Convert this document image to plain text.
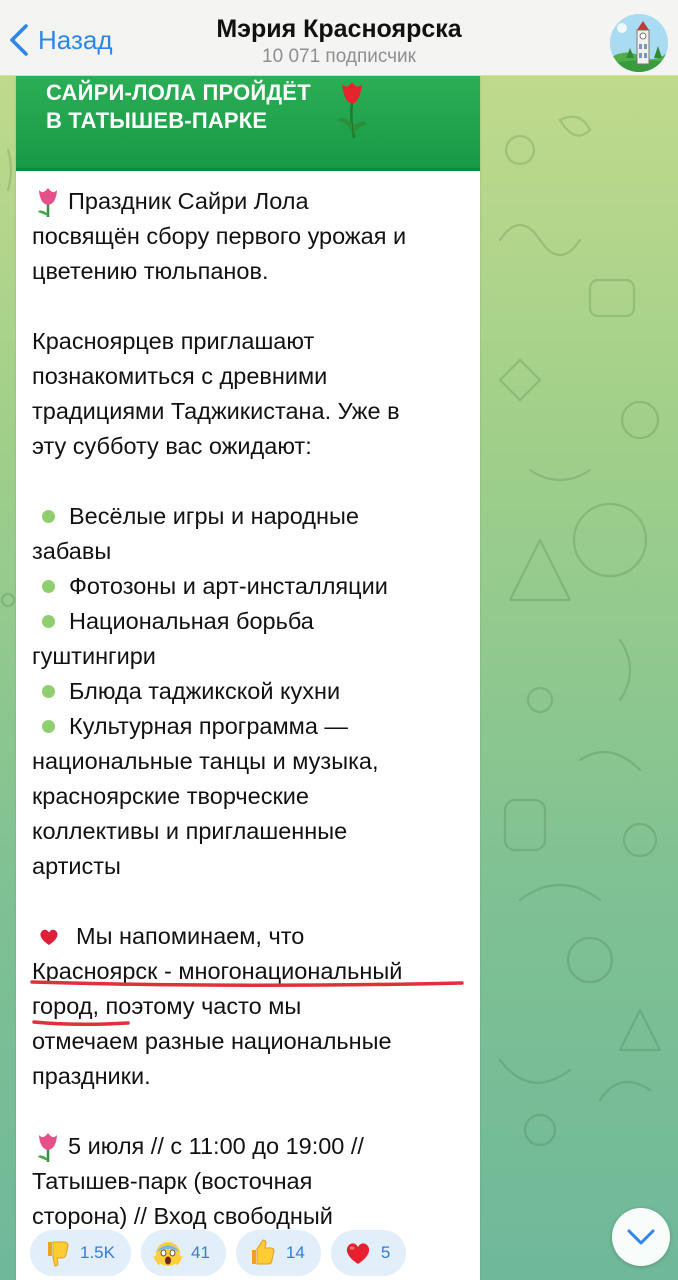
Назад	Мэрия Красноярска
10 071 подписчик
САЙРИ-ЛОЛА ПРОЙДЁТ
В ТАТЫШЕВ-ПАРКЕ
Праздник Сайри Лола
посвящён сбору первого урожая и
цветению тюльпанов.
Красноярцев приглашают
познакомиться с древними
традициями Таджикистана. Уже в
эту субботу вас ожидают:
Весёлые игры и народные
забавы
Фотозоны и арт-инсталляции
Национальная борьба
гуштингири
Блюда таджикской кухни
Культурная программа —
национальные танцы и музыка,
красноярские творческие
коллективы и приглашенные
артисты
Мы напоминаем, что
Красноярск - многонациональный
город, поэтому часто мы
отмечаем разные национальные
праздники.
5 июля // с 11:00 до 19:00 //
Татышев-парк (восточная
сторона) // Вход свободный
1.5K	41	14	5
